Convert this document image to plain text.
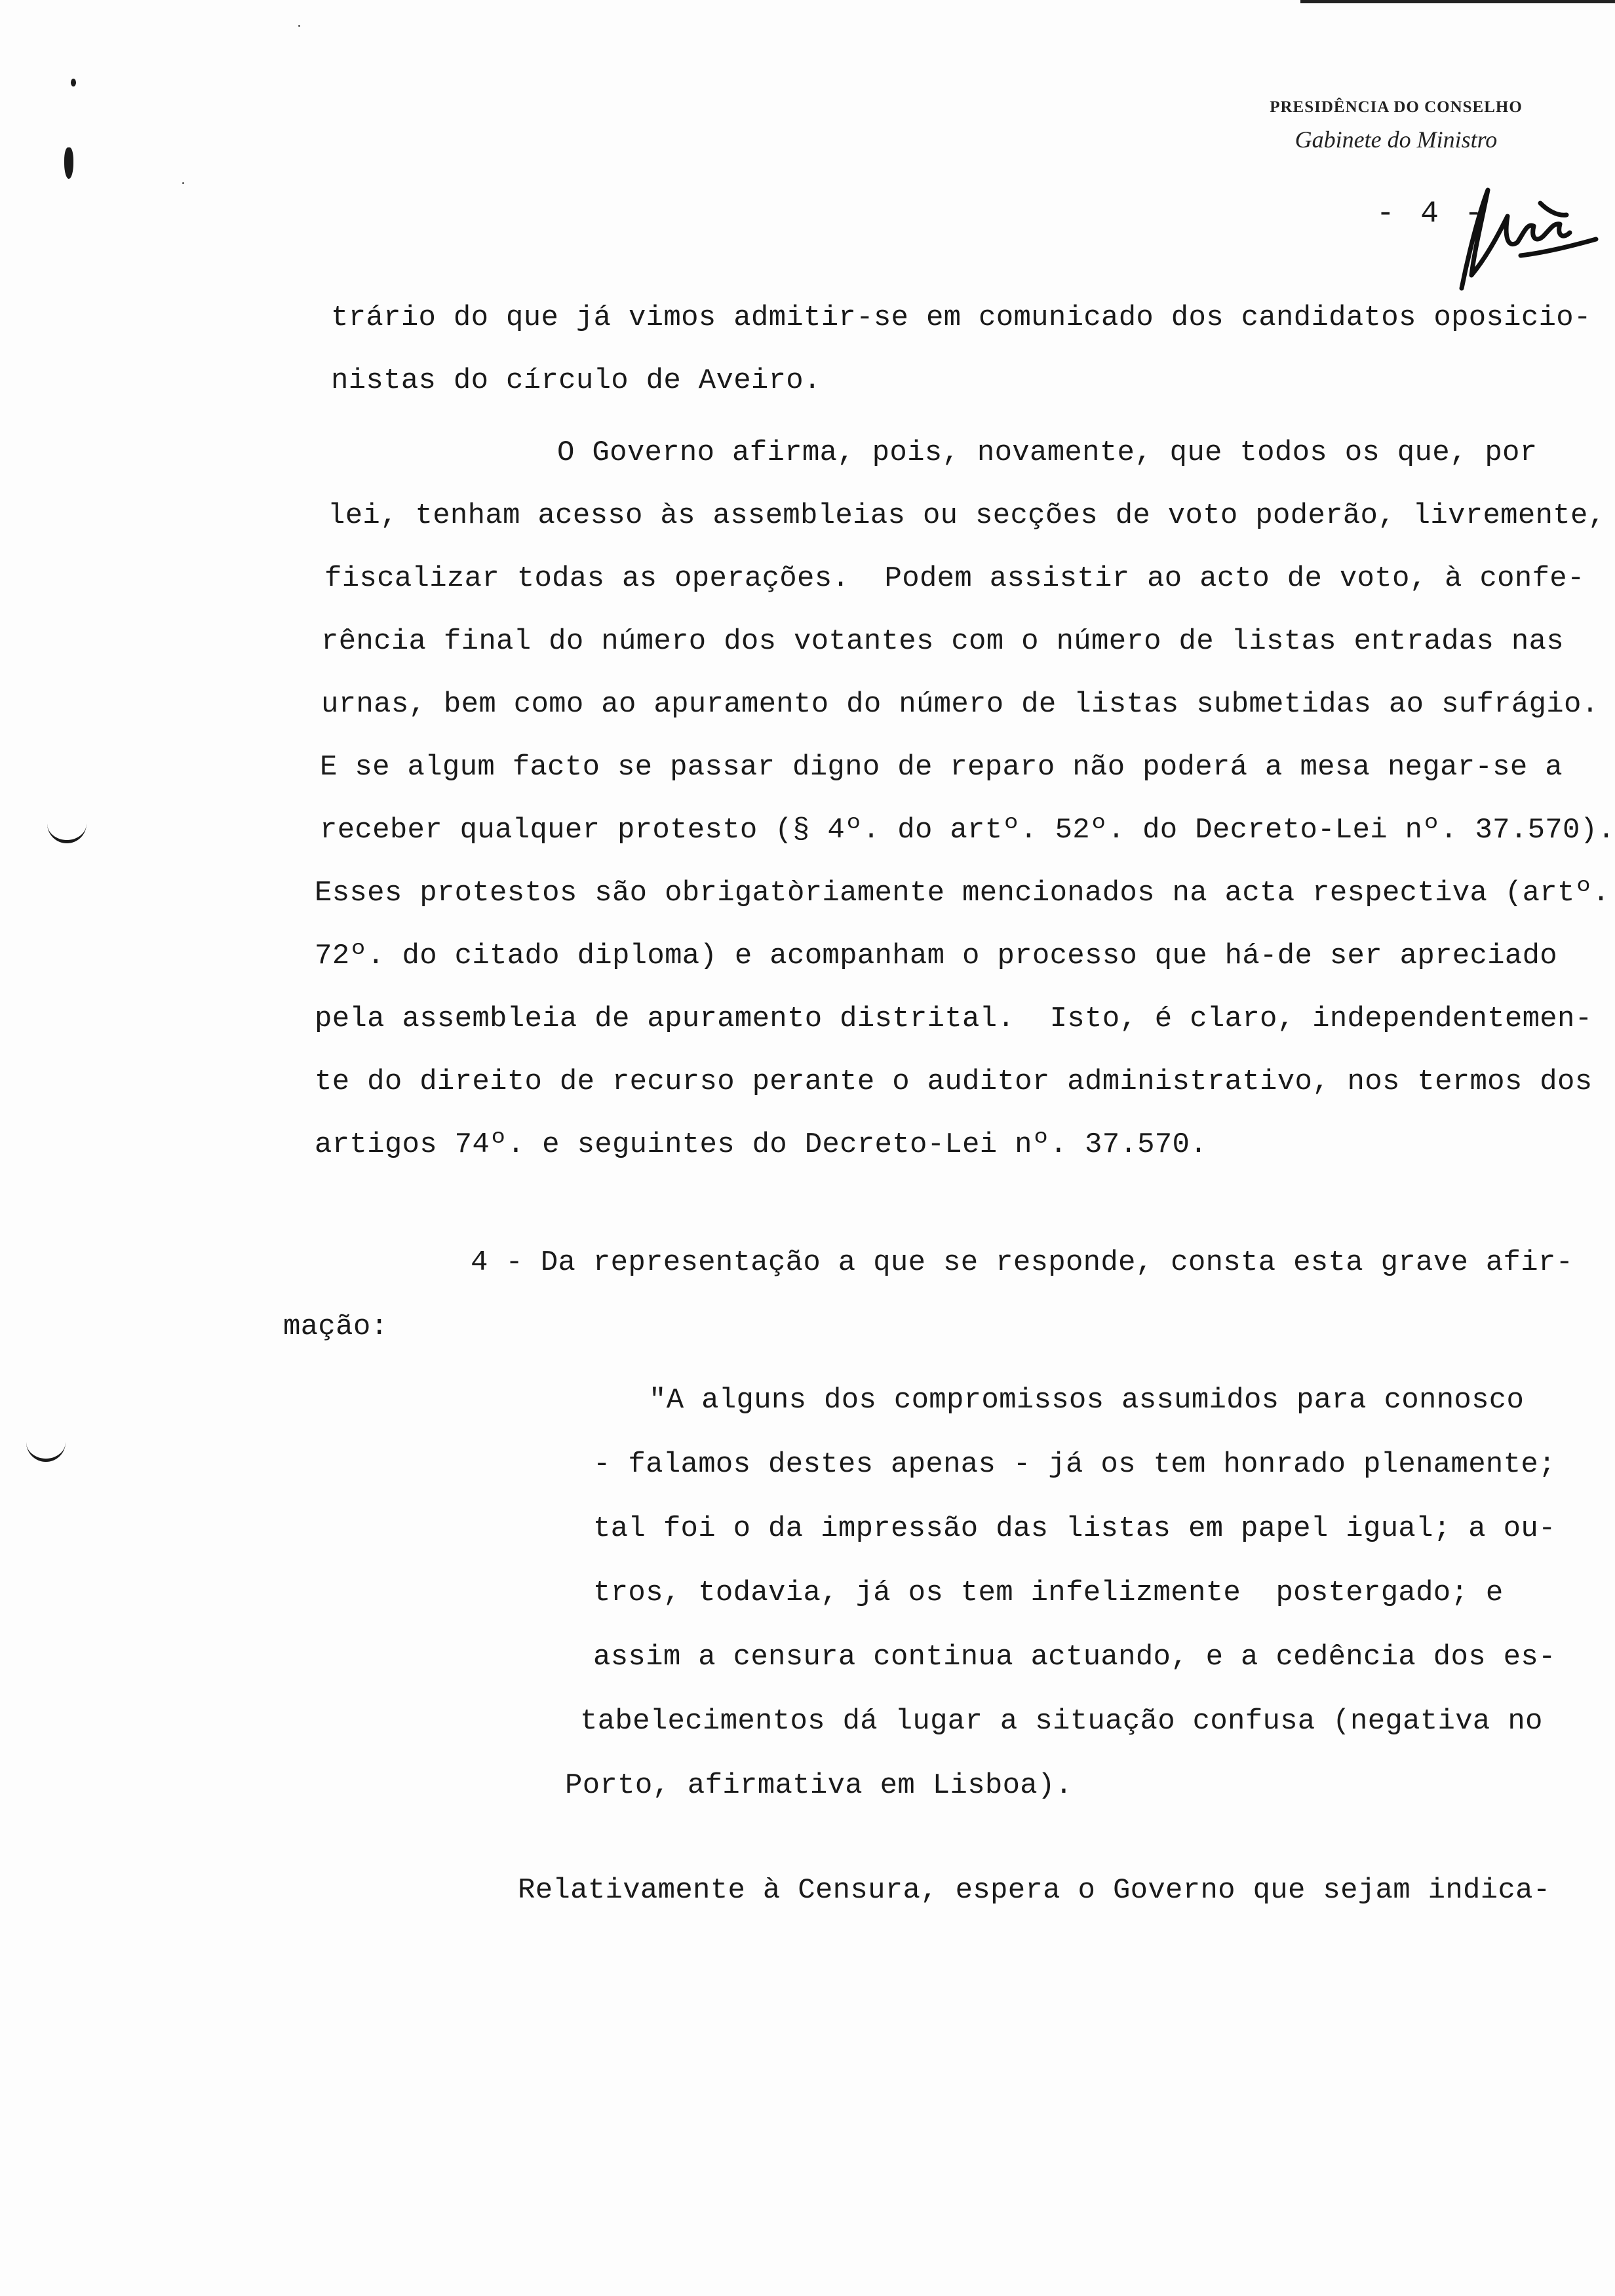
PRESIDÊNCIA DO CONSELHO
Gabinete do Ministro
- 4 -
trário do que já vimos admitir-se em comunicado dos candidatos oposicio-
nistas do círculo de Aveiro.
O Governo afirma, pois, novamente, que todos os que, por
lei, tenham acesso às assembleias ou secções de voto poderão, livremente,
fiscalizar todas as operações.  Podem assistir ao acto de voto, à confe-
rência final do número dos votantes com o número de listas entradas nas
urnas, bem como ao apuramento do número de listas submetidas ao sufrágio.
E se algum facto se passar digno de reparo não poderá a mesa negar-se a
receber qualquer protesto (§ 4º. do artº. 52º. do Decreto-Lei nº. 37.570).
Esses protestos são obrigatòriamente mencionados na acta respectiva (artº.
72º. do citado diploma) e acompanham o processo que há-de ser apreciado
pela assembleia de apuramento distrital.  Isto, é claro, independentemen-
te do direito de recurso perante o auditor administrativo, nos termos dos
artigos 74º. e seguintes do Decreto-Lei nº. 37.570.
4 - Da representação a que se responde, consta esta grave afir-
mação:
"A alguns dos compromissos assumidos para connosco
- falamos destes apenas - já os tem honrado plenamente;
tal foi o da impressão das listas em papel igual; a ou-
tros, todavia, já os tem infelizmente  postergado; e
assim a censura continua actuando, e a cedência dos es-
tabelecimentos dá lugar a situação confusa (negativa no
Porto, afirmativa em Lisboa).
Relativamente à Censura, espera o Governo que sejam indica-
